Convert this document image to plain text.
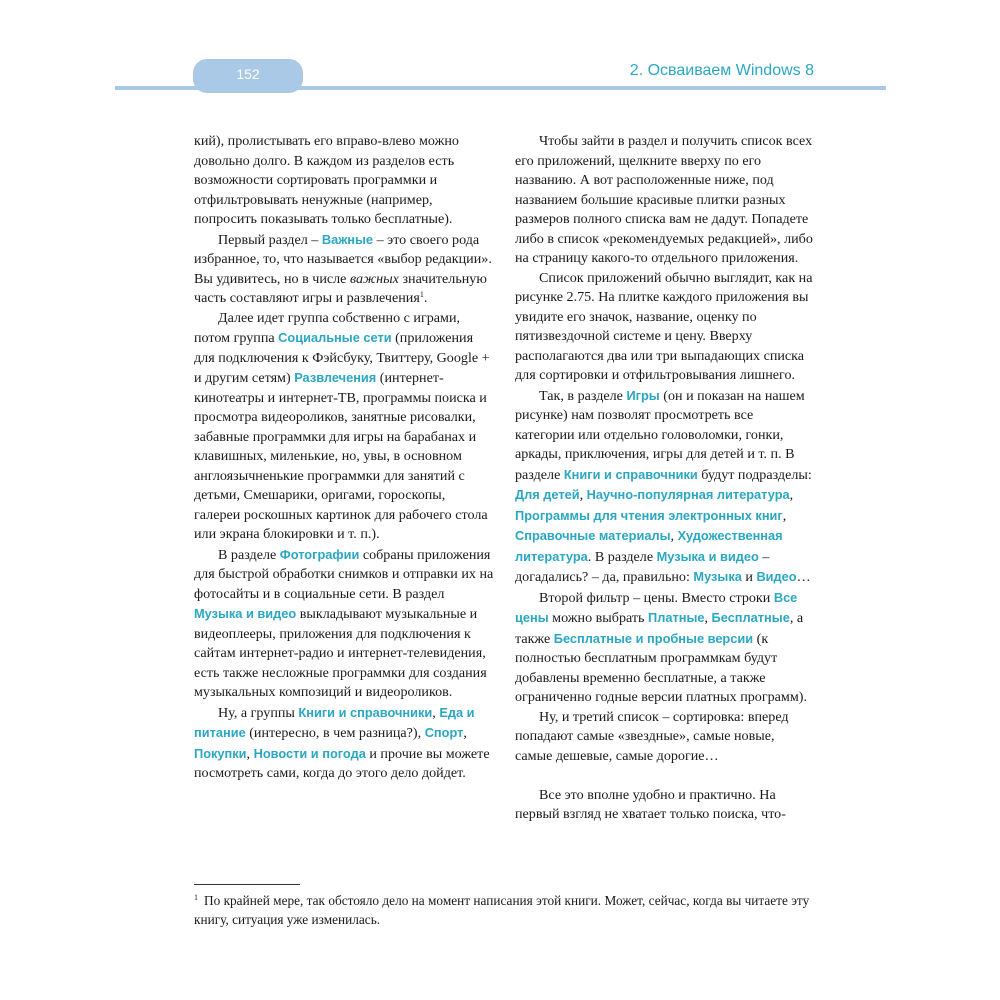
152	2. Осваиваем Windows 8

кий), пролистывать его вправо-влево можно довольно долго. В каждом из разделов есть возможности сортировать программки и отфильтровывать ненужные (например, попросить показывать только бесплатные).

Первый раздел – Важные – это своего рода избранное, то, что называется «выбор редакции». Вы удивитесь, но в числе важных значительную часть составляют игры и развлечения$^1$.

Далее идет группа собственно с играми, потом группа Социальные сети (приложения для подключения к Фэйсбуку, Твиттеру, Google + и другим сетям) Развлечения (интернет-кинотеатры и интернет-ТВ, программы поиска и просмотра видеороликов, занятные рисовалки, забавные программки для игры на барабанах и клавишных, миленькие, но, увы, в основном англоязычненькие программки для занятий с детьми, Смешарики, оригами, гороскопы, галереи роскошных картинок для рабочего стола или экрана блокировки и т. п.).

В разделе Фотографии собраны приложения для быстрой обработки снимков и отправки их на фотосайты и в социальные сети. В раздел Музыка и видео выкладывают музыкальные и видеоплееры, приложения для подключения к сайтам интернет-радио и интернет-телевидения, есть также несложные программки для создания музыкальных композиций и видеороликов.

Ну, а группы Книги и справочники, Еда и питание (интересно, в чем разница?), Спорт, Покупки, Новости и погода и прочие вы можете посмотреть сами, когда до этого дело дойдет.

Чтобы зайти в раздел и получить список всех его приложений, щелкните вверху по его названию. А вот расположенные ниже, под названием большие красивые плитки разных размеров полного списка вам не дадут. Попадете либо в список «рекомендуемых редакцией», либо на страницу какого-то отдельного приложения.

Список приложений обычно выглядит, как на рисунке 2.75. На плитке каждого приложения вы увидите его значок, название, оценку по пятизвездочной системе и цену. Вверху располагаются два или три выпадающих списка для сортировки и отфильтровывания лишнего.

Так, в разделе Игры (он и показан на нашем рисунке) нам позволят просмотреть все категории или отдельно головоломки, гонки, аркады, приключения, игры для детей и т. п. В разделе Книги и справочники будут подразделы: Для детей, Научно-популярная литература, Программы для чтения электронных книг, Справочные материалы, Художественная литература. В разделе Музыка и видео – догадались? – да, правильно: Музыка и Видео…

Второй фильтр – цены. Вместо строки Все цены можно выбрать Платные, Бесплатные, а также Бесплатные и пробные версии (к полностью бесплатным программкам будут добавлены временно бесплатные, а также ограниченно годные версии платных программ).

Ну, и третий список – сортировка: вперед попадают самые «звездные», самые новые, самые дешевые, самые дорогие…

Все это вполне удобно и практично. На первый взгляд не хватает только поиска, что-

$^1$ По крайней мере, так обстояло дело на момент написания этой книги. Может, сейчас, когда вы читаете эту книгу, ситуация уже изменилась.
